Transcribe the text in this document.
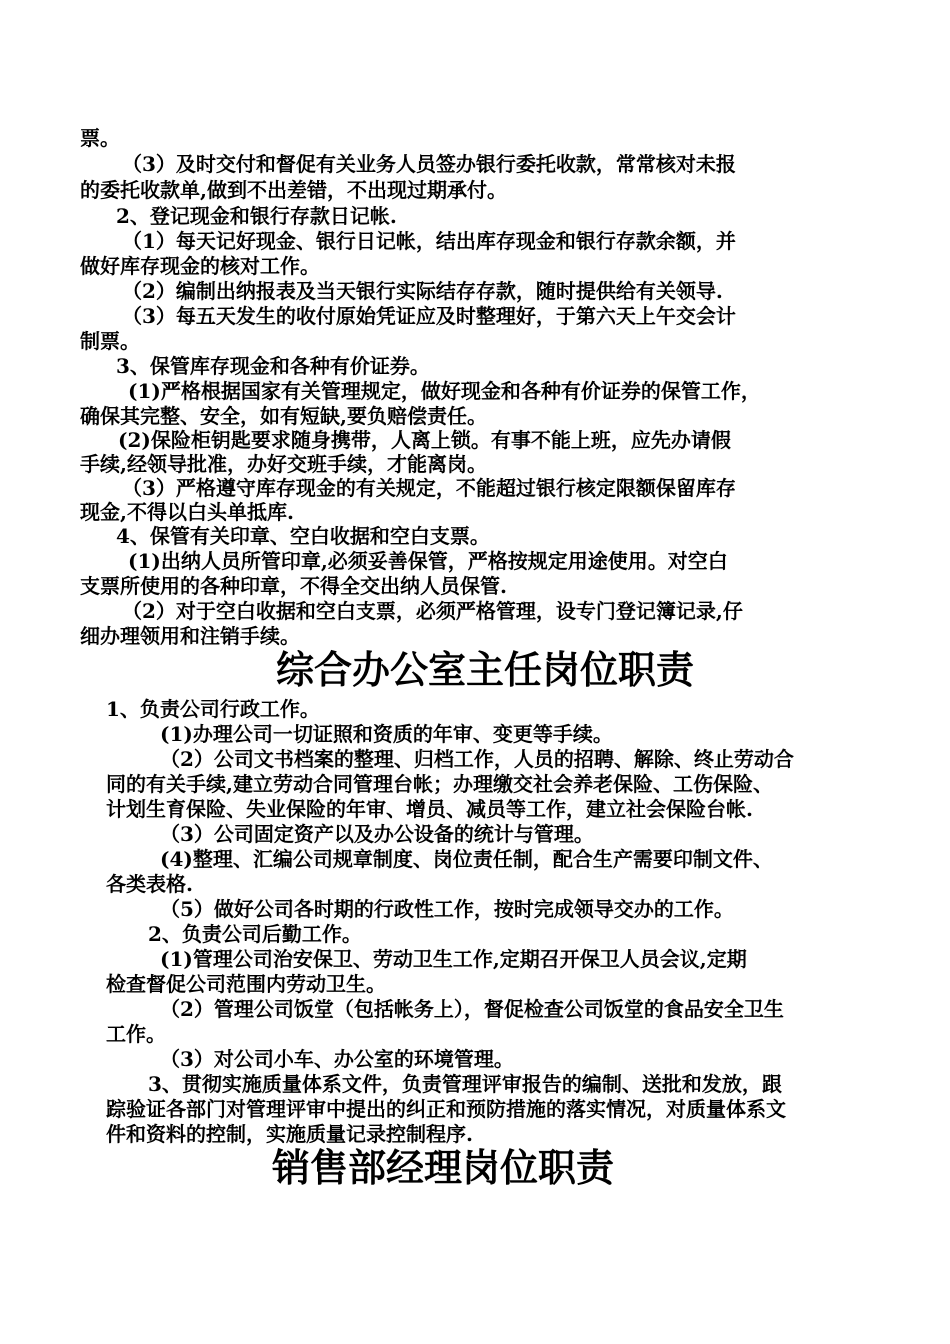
票。
（3）及时交付和督促有关业务人员签办银行委托收款，常常核对未报
的委托收款单,做到不出差错，不出现过期承付。
2、登记现金和银行存款日记帐.
（1）每天记好现金、银行日记帐，结出库存现金和银行存款余额，并
做好库存现金的核对工作。
（2）编制出纳报表及当天银行实际结存存款，随时提供给有关领导.
（3）每五天发生的收付原始凭证应及时整理好，于第六天上午交会计
制票。
3、保管库存现金和各种有价证券。
(1)严格根据国家有关管理规定，做好现金和各种有价证券的保管工作，
确保其完整、安全，如有短缺,要负赔偿责任。
(2)保险柜钥匙要求随身携带，人离上锁。有事不能上班，应先办请假
手续,经领导批准，办好交班手续，才能离岗。
（3）严格遵守库存现金的有关规定，不能超过银行核定限额保留库存
现金,不得以白头单抵库.
4、保管有关印章、空白收据和空白支票。
(1)出纳人员所管印章,必须妥善保管，严格按规定用途使用。对空白
支票所使用的各种印章，不得全交出纳人员保管.
（2）对于空白收据和空白支票，必须严格管理，设专门登记簿记录,仔
细办理领用和注销手续。
综合办公室主任岗位职责
1、负责公司行政工作。
(1)办理公司一切证照和资质的年审、变更等手续。
（2）公司文书档案的整理、归档工作，人员的招聘、解除、终止劳动合
同的有关手续,建立劳动合同管理台帐；办理缴交社会养老保险、工伤保险、
计划生育保险、失业保险的年审、增员、减员等工作，建立社会保险台帐.
（3）公司固定资产以及办公设备的统计与管理。
(4)整理、汇编公司规章制度、岗位责任制，配合生产需要印制文件、
各类表格.
（5）做好公司各时期的行政性工作，按时完成领导交办的工作。
2、负责公司后勤工作。
(1)管理公司治安保卫、劳动卫生工作,定期召开保卫人员会议,定期
检查督促公司范围内劳动卫生。
（2）管理公司饭堂（包括帐务上），督促检查公司饭堂的食品安全卫生
工作。
（3）对公司小车、办公室的环境管理。
3、贯彻实施质量体系文件，负责管理评审报告的编制、送批和发放，跟
踪验证各部门对管理评审中提出的纠正和预防措施的落实情况，对质量体系文
件和资料的控制，实施质量记录控制程序.
销售部经理岗位职责
